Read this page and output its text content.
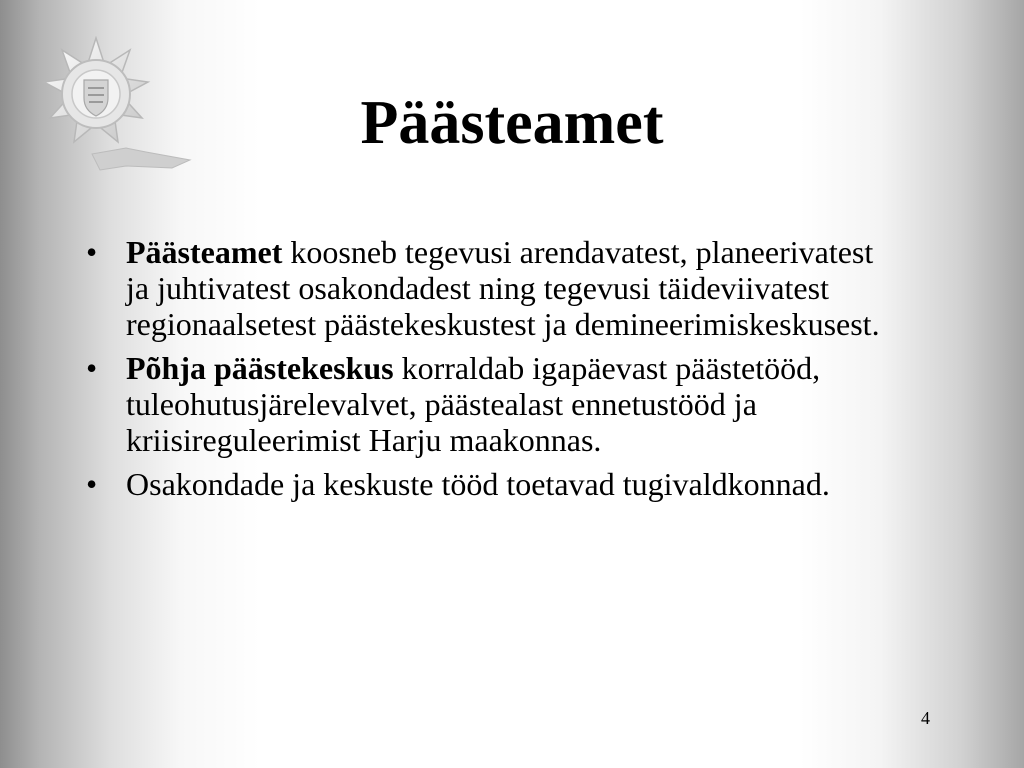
Päästeamet
• Päästeamet koosneb tegevusi arendavatest, planeerivatest ja juhtivatest osakondadest ning tegevusi täideviivatest regionaalsetest päästekeskustest ja demineerimiskeskusest.
• Põhja päästekeskus korraldab igapäevast päästetööd, tuleohutusjärelevalvet, päästealast ennetustööd ja kriisireguleerimist Harju maakonnas.
• Osakondade ja keskuste tööd toetavad tugivaldkonnad.
4
